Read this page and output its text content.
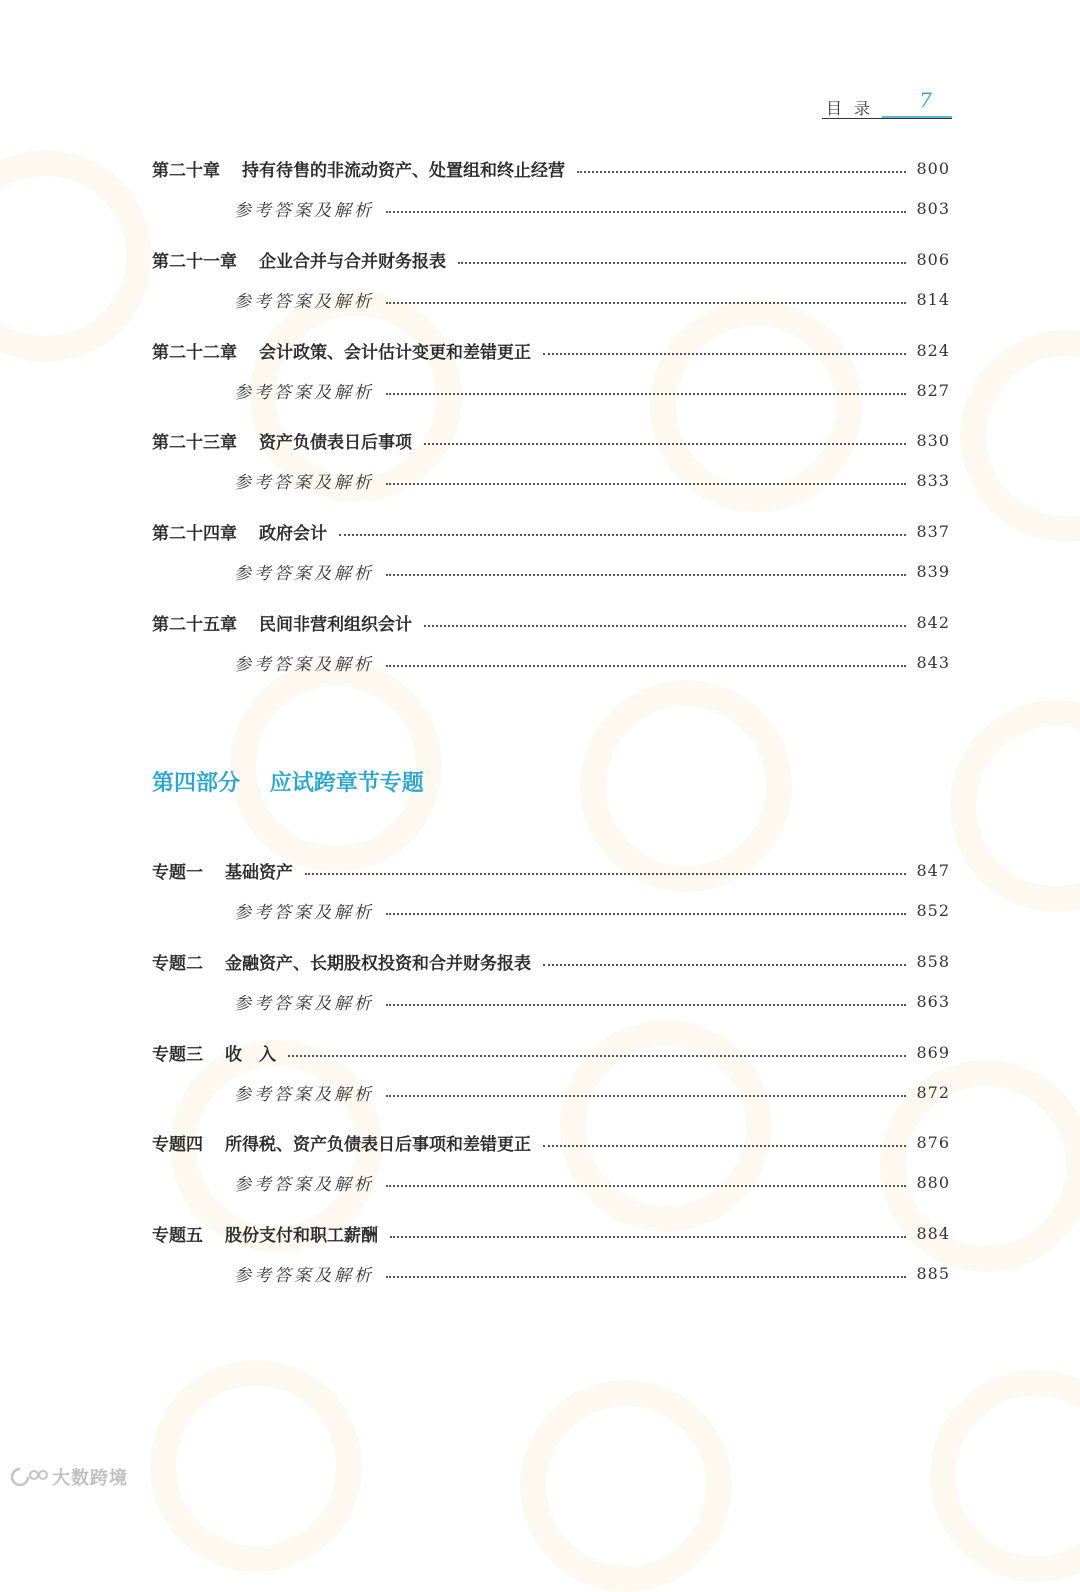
目录 7
第二十章 持有待售的非流动资产、处置组和终止经营	800
参考答案及解析	803
第二十一章 企业合并与合并财务报表	806
参考答案及解析	814
第二十二章 会计政策、会计估计变更和差错更正	824
参考答案及解析	827
第二十三章 资产负债表日后事项	830
参考答案及解析	833
第二十四章 政府会计	837
参考答案及解析	839
第二十五章 民间非营利组织会计	842
参考答案及解析	843
第四部分 应试跨章节专题
专题一 基础资产	847
参考答案及解析	852
专题二 金融资产、长期股权投资和合并财务报表	858
参考答案及解析	863
专题三 收　入	869
参考答案及解析	872
专题四 所得税、资产负债表日后事项和差错更正	876
参考答案及解析	880
专题五 股份支付和职工薪酬	884
参考答案及解析	885
大数跨境
